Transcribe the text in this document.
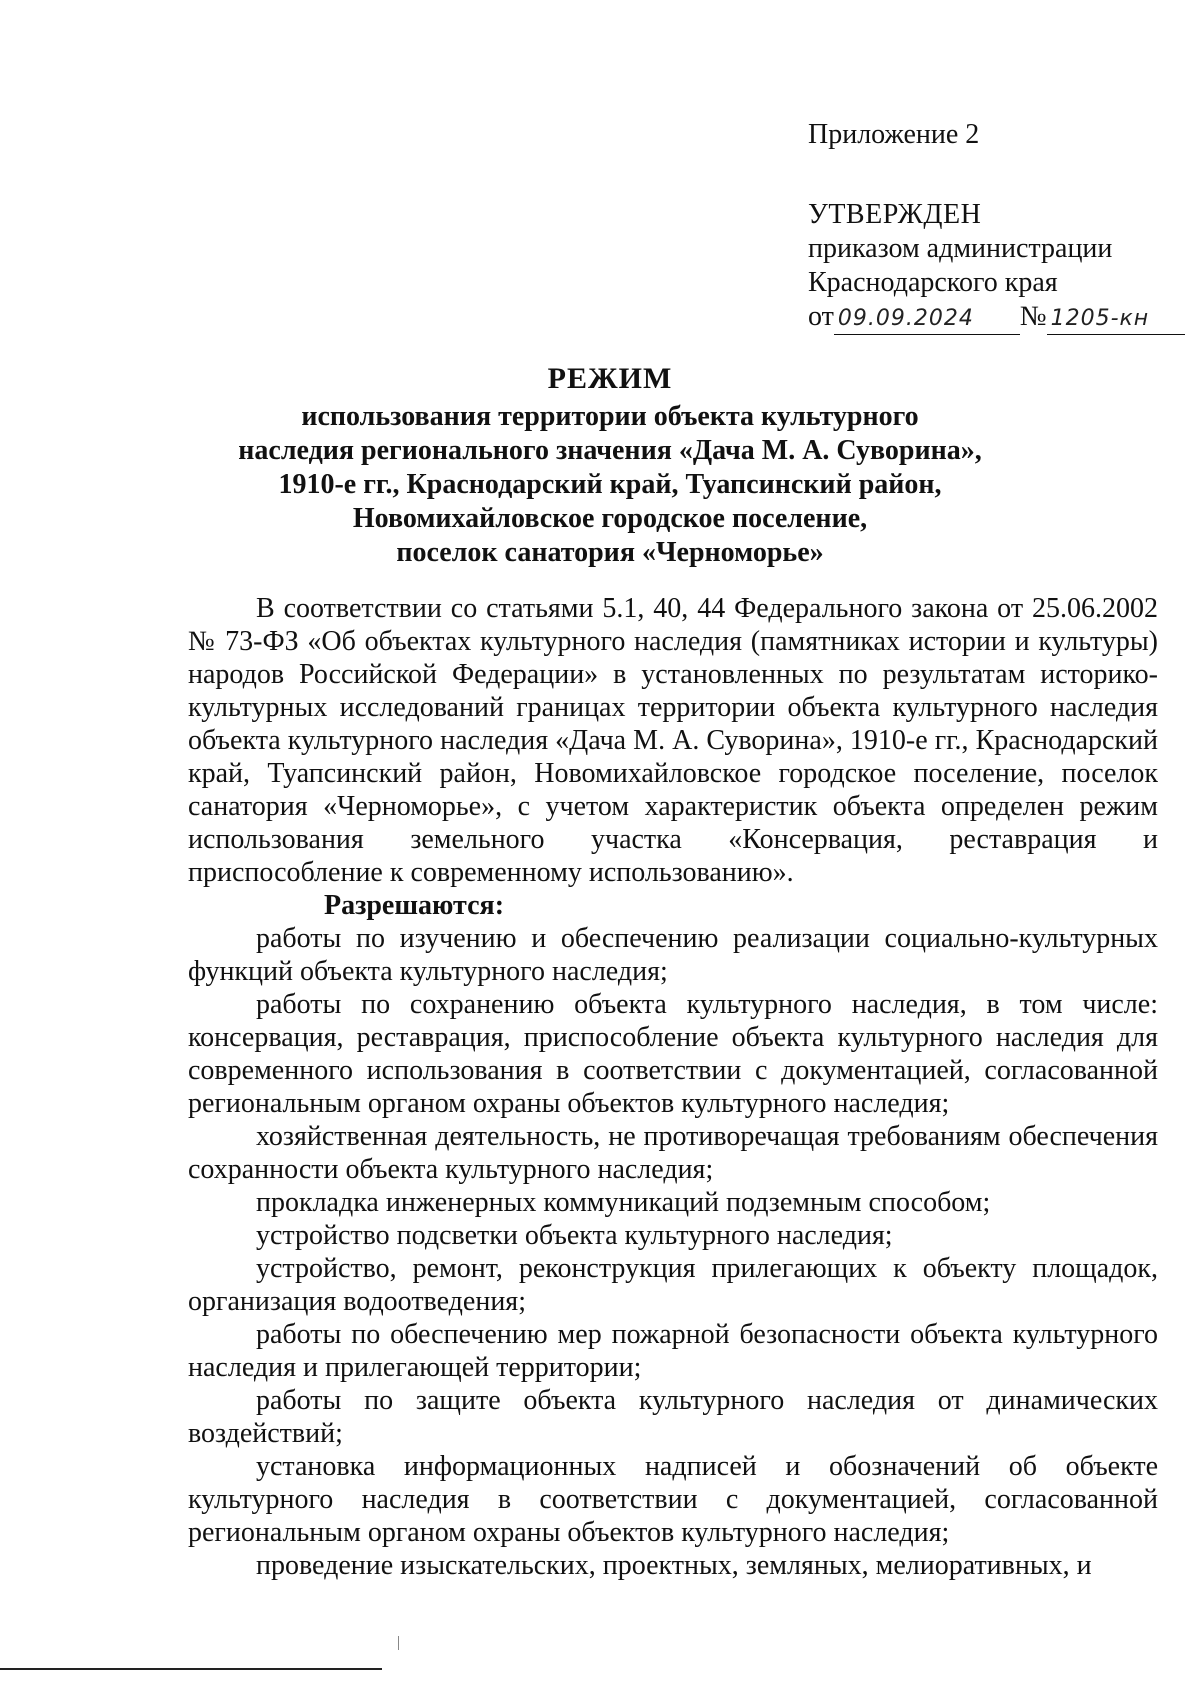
Приложение 2
УТВЕРЖДЕН
приказом администрации
Краснодарского края
от 09.09.2024 № 1205-кн
РЕЖИМ
использования территории объекта культурного
наследия регионального значения «Дача М. А. Суворина»,
1910-е гг., Краснодарский край, Туапсинский район,
Новомихайловское городское поселение,
поселок санатория «Черноморье»

В соответствии со статьями 5.1, 40, 44 Федерального закона от 25.06.2002 № 73-ФЗ «Об объектах культурного наследия (памятниках истории и культуры) народов Российской Федерации» в установленных по результатам историко-культурных исследований границах территории объекта культурного наследия объекта культурного наследия «Дача М. А. Суворина», 1910-е гг., Краснодарский край, Туапсинский район, Новомихайловское городское поселение, поселок санатория «Черноморье», с учетом характеристик объекта определен режим использования земельного участка «Консервация, реставрация и приспособление к современному использованию».

Разрешаются:

работы по изучению и обеспечению реализации социально-культурных функций объекта культурного наследия;

работы по сохранению объекта культурного наследия, в том числе: консервация, реставрация, приспособление объекта культурного наследия для современного использования в соответствии с документацией, согласованной региональным органом охраны объектов культурного наследия;

хозяйственная деятельность, не противоречащая требованиям обеспечения сохранности объекта культурного наследия;

прокладка инженерных коммуникаций подземным способом;

устройство подсветки объекта культурного наследия;

устройство, ремонт, реконструкция прилегающих к объекту площадок, организация водоотведения;

работы по обеспечению мер пожарной безопасности объекта культурного наследия и прилегающей территории;

работы по защите объекта культурного наследия от динамических воздействий;

установка информационных надписей и обозначений об объекте культурного наследия в соответствии с документацией, согласованной региональным органом охраны объектов культурного наследия;

проведение изыскательских, проектных, земляных, мелиоративных, и
